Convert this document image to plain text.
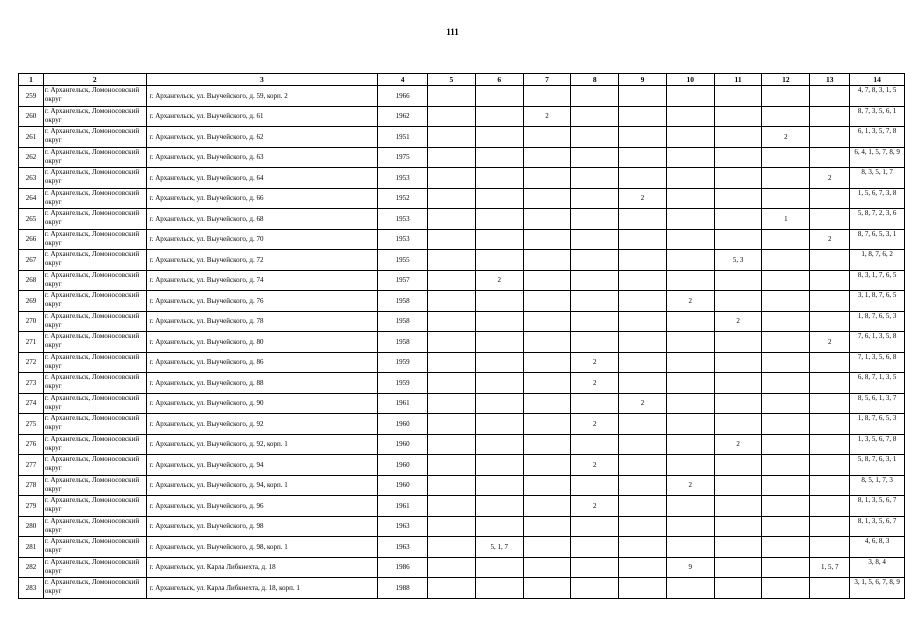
111
1	2	3	4	5	6	7	8	9	10	11	12	13	14
259	г. Архангельск, Ломоносовский округ	г. Архангельск, ул. Выучейского, д. 59, корп. 2	1966										4, 7, 8, 3, 1, 5
260	г. Архангельск, Ломоносовский округ	г. Архангельск, ул. Выучейского, д. 61	1962			2							8, 7, 3, 5, 6, 1
261	г. Архангельск, Ломоносовский округ	г. Архангельск, ул. Выучейского, д. 62	1951								2		6, 1, 3, 5, 7, 8
262	г. Архангельск, Ломоносовский округ	г. Архангельск, ул. Выучейского, д. 63	1975										6, 4, 1, 5, 7, 8, 9
263	г. Архангельск, Ломоносовский округ	г. Архангельск, ул. Выучейского, д. 64	1953									2	8, 3, 5, 1, 7
264	г. Архангельск, Ломоносовский округ	г. Архангельск, ул. Выучейского, д. 66	1952					2					1, 5, 6, 7, 3, 8
265	г. Архангельск, Ломоносовский округ	г. Архангельск, ул. Выучейского, д. 68	1953								1		5, 8, 7, 2, 3, 6
266	г. Архангельск, Ломоносовский округ	г. Архангельск, ул. Выучейского, д. 70	1953									2	8, 7, 6, 5, 3, 1
267	г. Архангельск, Ломоносовский округ	г. Архангельск, ул. Выучейского, д. 72	1955							5, 3			1, 8, 7, 6, 2
268	г. Архангельск, Ломоносовский округ	г. Архангельск, ул. Выучейского, д. 74	1957		2								8, 3, 1, 7, 6, 5
269	г. Архангельск, Ломоносовский округ	г. Архангельск, ул. Выучейского, д. 76	1958						2				3, 1, 8, 7, 6, 5
270	г. Архангельск, Ломоносовский округ	г. Архангельск, ул. Выучейского, д. 78	1958							2			1, 8, 7, 6, 5, 3
271	г. Архангельск, Ломоносовский округ	г. Архангельск, ул. Выучейского, д. 80	1958									2	7, 6, 1, 3, 5, 8
272	г. Архангельск, Ломоносовский округ	г. Архангельск, ул. Выучейского, д. 86	1959				2						7, 1, 3, 5, 6, 8
273	г. Архангельск, Ломоносовский округ	г. Архангельск, ул. Выучейского, д. 88	1959				2						6, 8, 7, 1, 3, 5
274	г. Архангельск, Ломоносовский округ	г. Архангельск, ул. Выучейского, д. 90	1961					2					8, 5, 6, 1, 3, 7
275	г. Архангельск, Ломоносовский округ	г. Архангельск, ул. Выучейского, д. 92	1960				2						1, 8, 7, 6, 5, 3
276	г. Архангельск, Ломоносовский округ	г. Архангельск, ул. Выучейского, д. 92, корп. 1	1960							2			1, 3, 5, 6, 7, 8
277	г. Архангельск, Ломоносовский округ	г. Архангельск, ул. Выучейского, д. 94	1960				2						5, 8, 7, 6, 3, 1
278	г. Архангельск, Ломоносовский округ	г. Архангельск, ул. Выучейского, д. 94, корп. 1	1960						2				8, 5, 1, 7, 3
279	г. Архангельск, Ломоносовский округ	г. Архангельск, ул. Выучейского, д. 96	1961				2						8, 1, 3, 5, 6, 7
280	г. Архангельск, Ломоносовский округ	г. Архангельск, ул. Выучейского, д. 98	1963										8, 1, 3, 5, 6, 7
281	г. Архангельск, Ломоносовский округ	г. Архангельск, ул. Выучейского, д. 98, корп. 1	1963		5, 1, 7								4, 6, 8, 3
282	г. Архангельск, Ломоносовский округ	г. Архангельск, ул. Карла Либкнехта, д. 18	1986						9			1, 5, 7	3, 8, 4
283	г. Архангельск, Ломоносовский округ	г. Архангельск, ул. Карла Либкнехта, д. 18, корп. 1	1988										3, 1, 5, 6, 7, 8, 9
